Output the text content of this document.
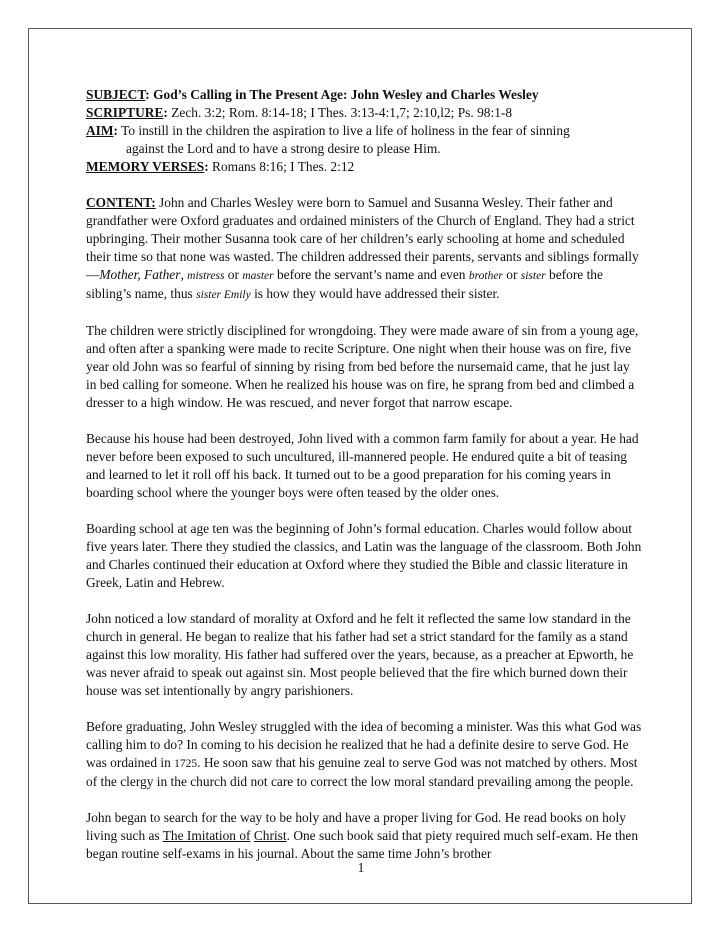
SUBJECT: God’s Calling in The Present Age: John Wesley and Charles Wesley

SCRIPTURE: Zech. 3:2; Rom. 8:14-18; I Thes. 3:13-4:1,7; 2:10,l2; Ps. 98:1-8

AIM: To instill in the children the aspiration to live a life of holiness in the fear of sinning

against the Lord and to have a strong desire to please Him.

MEMORY VERSES: Romans 8:16; I Thes. 2:12

CONTENT: John and Charles Wesley were born to Samuel and Susanna Wesley. Their father and grandfather were Oxford graduates and ordained ministers of the Church of England. They had a strict upbringing. Their mother Susanna took care of her children’s early schooling at home and scheduled their time so that none was wasted. The children addressed their parents, servants and siblings formally—Mother, Father, mistress or master before the servant’s name and even brother or sister before the sibling’s name, thus sister Emily is how they would have addressed their sister.

The children were strictly disciplined for wrongdoing. They were made aware of sin from a young age, and often after a spanking were made to recite Scripture. One night when their house was on fire, five year old John was so fearful of sinning by rising from bed before the nursemaid came, that he just lay in bed calling for someone. When he realized his house was on fire, he sprang from bed and climbed a dresser to a high window. He was rescued, and never forgot that narrow escape.

Because his house had been destroyed, John lived with a common farm family for about a year. He had never before been exposed to such uncultured, ill-mannered people. He endured quite a bit of teasing and learned to let it roll off his back. It turned out to be a good preparation for his coming years in boarding school where the younger boys were often teased by the older ones.

Boarding school at age ten was the beginning of John’s formal education. Charles would follow about five years later. There they studied the classics, and Latin was the language of the classroom. Both John and Charles continued their education at Oxford where they studied the Bible and classic literature in Greek, Latin and Hebrew.

John noticed a low standard of morality at Oxford and he felt it reflected the same low standard in the church in general. He began to realize that his father had set a strict standard for the family as a stand against this low morality. His father had suffered over the years, because, as a preacher at Epworth, he was never afraid to speak out against sin. Most people believed that the fire which burned down their house was set intentionally by angry parishioners.

Before graduating, John Wesley struggled with the idea of becoming a minister. Was this what God was calling him to do? In coming to his decision he realized that he had a definite desire to serve God. He was ordained in 1725. He soon saw that his genuine zeal to serve God was not matched by others. Most of the clergy in the church did not care to correct the low moral standard prevailing among the people.

John began to search for the way to be holy and have a proper living for God. He read books on holy living such as The Imitation of Christ. One such book said that piety required much self-exam. He then began routine self-exams in his journal. About the same time John’s brother

1
